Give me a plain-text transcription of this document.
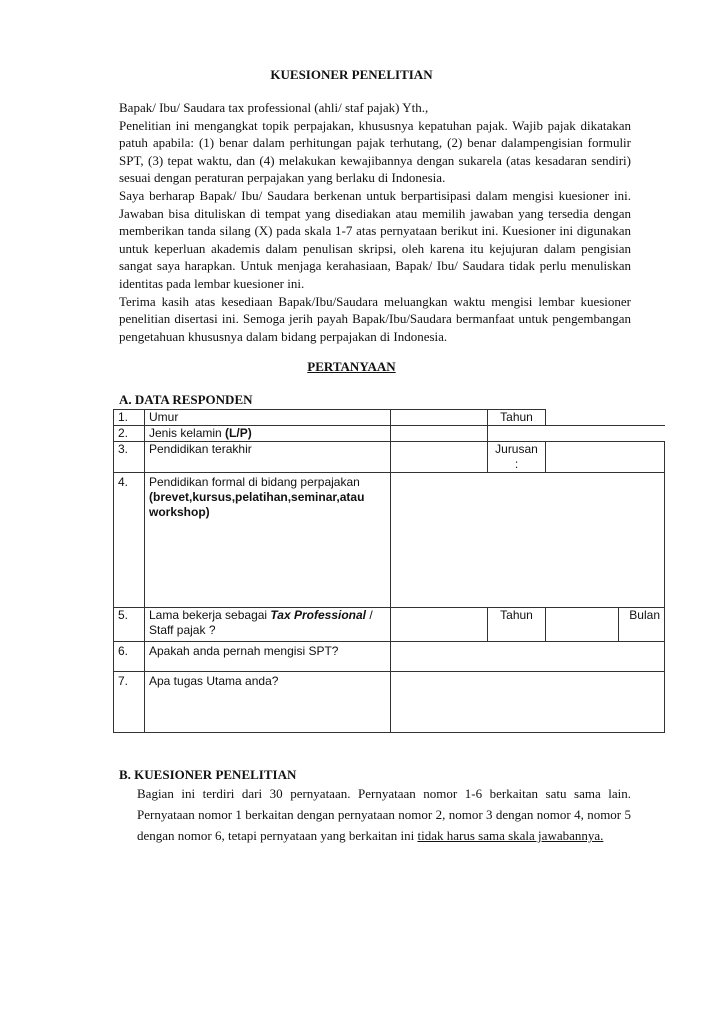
KUESIONER PENELITIAN

Bapak/ Ibu/ Saudara tax professional (ahli/ staf pajak) Yth.,

Penelitian ini mengangkat topik perpajakan, khususnya kepatuhan pajak. Wajib pajak dikatakan patuh apabila: (1) benar dalam perhitungan pajak terhutang, (2) benar dalampengisian formulir SPT, (3) tepat waktu, dan (4) melakukan kewajibannya dengan sukarela (atas kesadaran sendiri) sesuai dengan peraturan perpajakan yang berlaku di Indonesia.

Saya berharap Bapak/ Ibu/ Saudara berkenan untuk berpartisipasi dalam mengisi kuesioner ini. Jawaban bisa dituliskan di tempat yang disediakan atau memilih jawaban yang tersedia dengan memberikan tanda silang (X) pada skala 1-7 atas pernyataan berikut ini. Kuesioner ini digunakan untuk keperluan akademis dalam penulisan skripsi, oleh karena itu kejujuran dalam pengisian sangat saya harapkan. Untuk menjaga kerahasiaan, Bapak/ Ibu/ Saudara tidak perlu menuliskan identitas pada lembar kuesioner ini.

Terima kasih atas kesediaan Bapak/Ibu/Saudara meluangkan waktu mengisi lembar kuesioner penelitian disertasi ini. Semoga jerih payah Bapak/Ibu/Saudara bermanfaat untuk pengembangan pengetahuan khususnya dalam bidang perpajakan di Indonesia.

PERTANYAAN
A. DATA RESPONDEN
1.	Umur		Tahun		
2.	Jenis kelamin (L/P)				
3.	Pendidikan terakhir		Jurusan :		
4.	Pendidikan formal di bidang perpajakan
(brevet,kursus,pelatihan,seminar,atau workshop)				
5.	Lama bekerja sebagai Tax Professional / Staff pajak ?		Tahun		Bulan
6.	Apakah anda pernah mengisi SPT?				
7.	Apa tugas Utama anda?				
B. KUESIONER PENELITIAN
Bagian ini terdiri dari 30 pernyataan. Pernyataan nomor 1-6 berkaitan satu sama lain. Pernyataan nomor 1 berkaitan dengan pernyataan nomor 2, nomor 3 dengan nomor 4, nomor 5 dengan nomor 6, tetapi pernyataan yang berkaitan ini tidak harus sama skala jawabannya.
